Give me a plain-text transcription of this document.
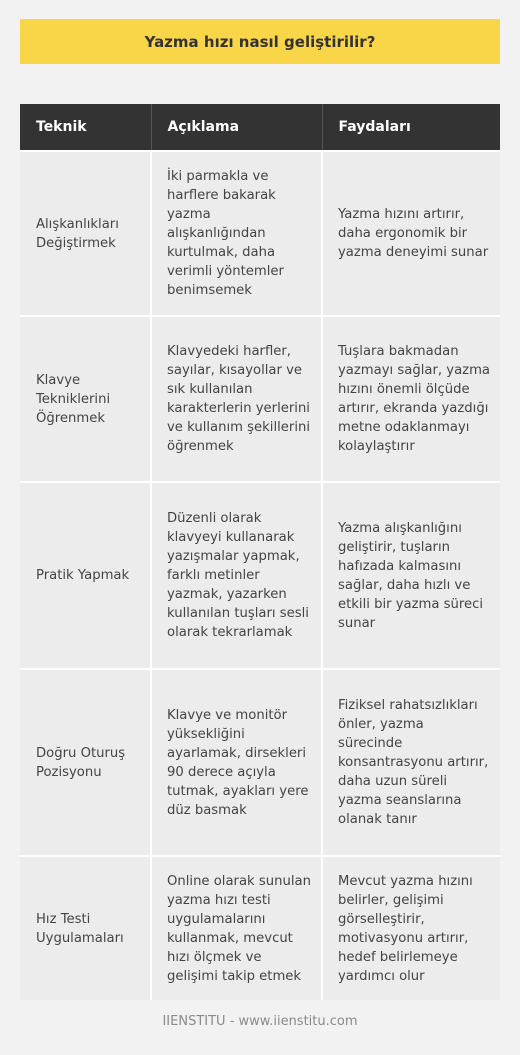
Yazma hızı nasıl geliştirilir?
Teknik	Açıklama	Faydaları
Alışkanlıkları Değiştirmek	İki parmakla ve harflere bakarak yazma alışkanlığından kurtulmak, daha verimli yöntemler benimsemek	Yazma hızını artırır, daha ergonomik bir yazma deneyimi sunar
Klavye Tekniklerini Öğrenmek	Klavyedeki harfler, sayılar, kısayollar ve sık kullanılan karakterlerin yerlerini ve kullanım şekillerini öğrenmek	Tuşlara bakmadan yazmayı sağlar, yazma hızını önemli ölçüde artırır, ekranda yazdığı metne odaklanmayı kolaylaştırır
Pratik Yapmak	Düzenli olarak klavyeyi kullanarak yazışmalar yapmak, farklı metinler yazmak, yazarken kullanılan tuşları sesli olarak tekrarlamak	Yazma alışkanlığını geliştirir, tuşların hafızada kalmasını sağlar, daha hızlı ve etkili bir yazma süreci sunar
Doğru Oturuş Pozisyonu	Klavye ve monitör yüksekliğini ayarlamak, dirsekleri 90 derece açıyla tutmak, ayakları yere düz basmak	Fiziksel rahatsızlıkları önler, yazma sürecinde konsantrasyonu artırır, daha uzun süreli yazma seanslarına olanak tanır
Hız Testi Uygulamaları	Online olarak sunulan yazma hızı testi uygulamalarını kullanmak, mevcut hızı ölçmek ve gelişimi takip etmek	Mevcut yazma hızını belirler, gelişimi görselleştirir, motivasyonu artırır, hedef belirlemeye yardımcı olur
IIENSTITU - www.iienstitu.com
